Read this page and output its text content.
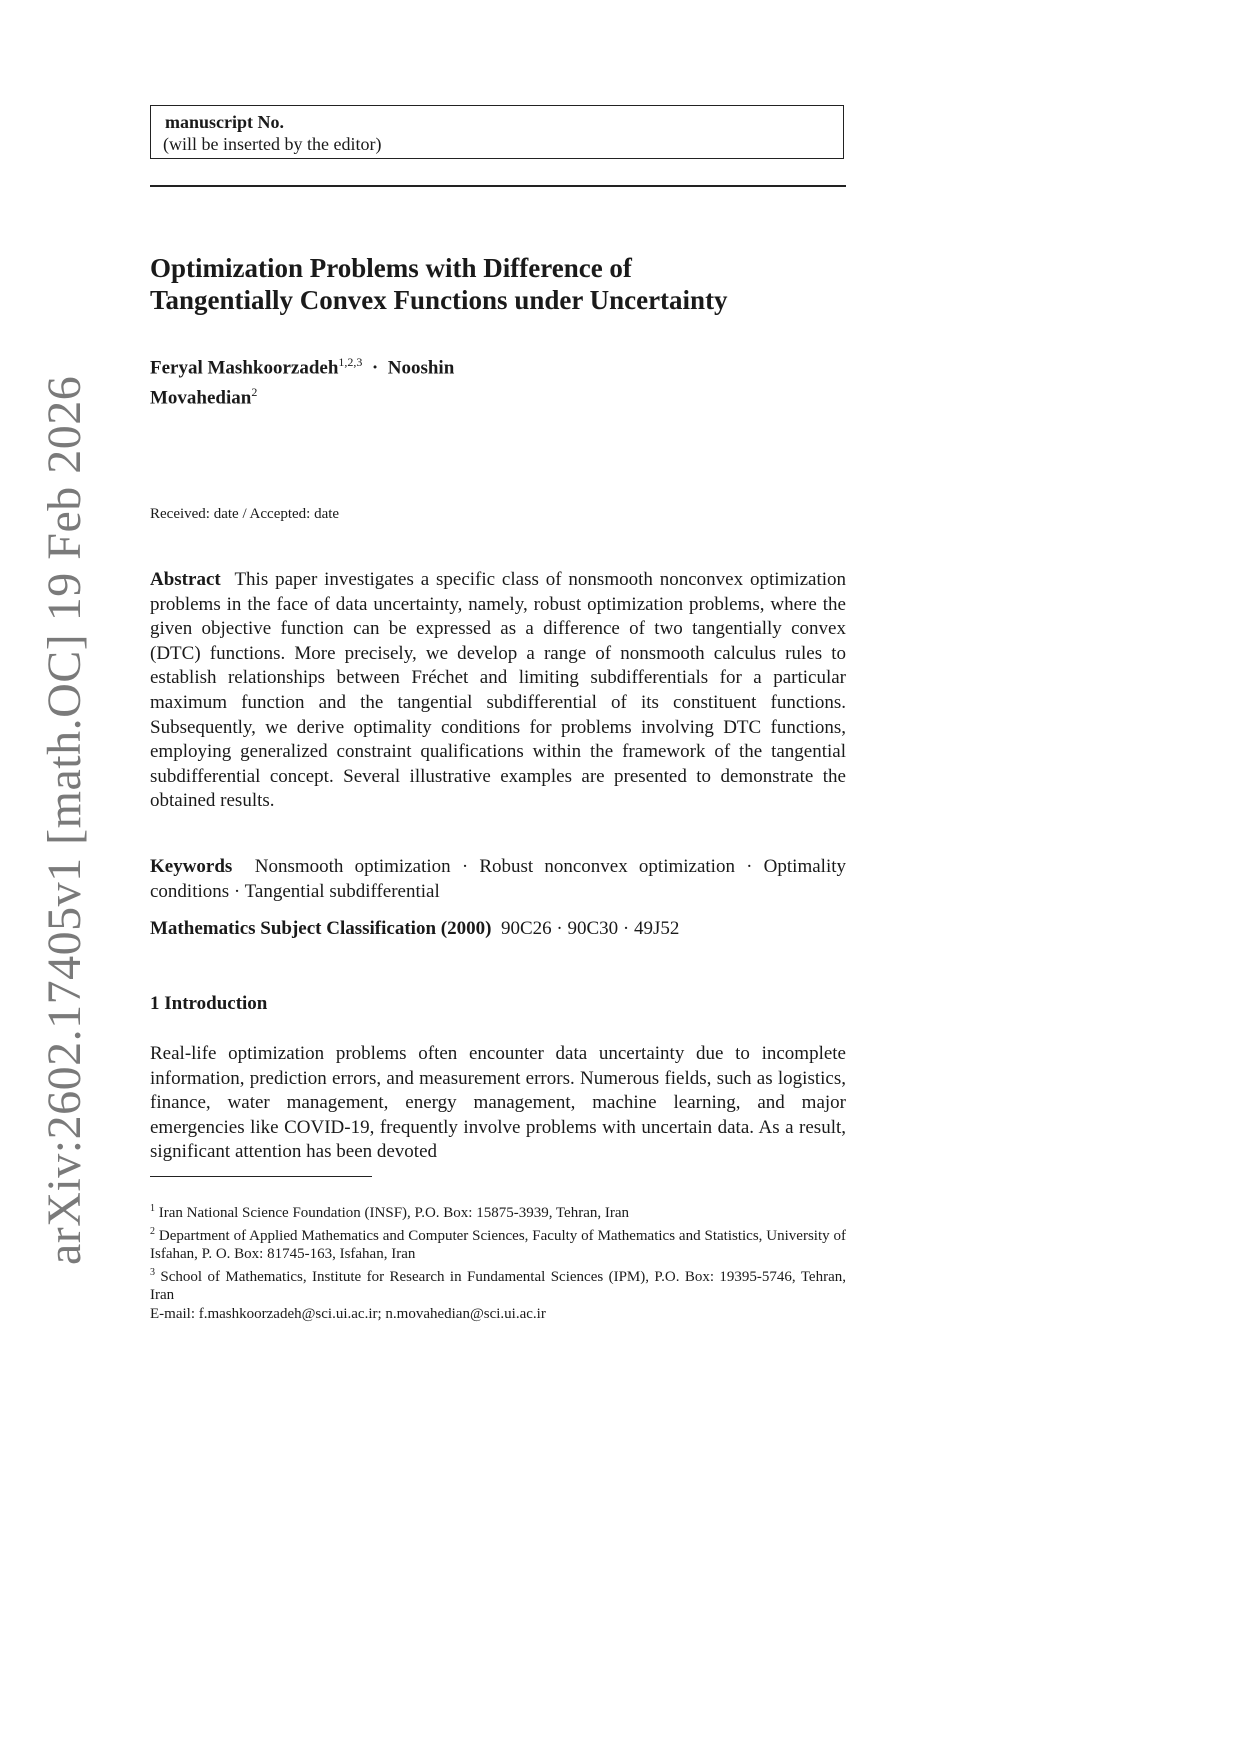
arXiv:2602.17405v1 [math.OC] 19 Feb 2026
manuscript No.
(will be inserted by the editor)
Optimization Problems with Difference of
Tangentially Convex Functions under Uncertainty
Feryal Mashkoorzadeh$^{1,2,3}$ · Nooshin
Movahedian$^2$
Received: date / Accepted: date

Abstract This paper investigates a specific class of nonsmooth nonconvex optimization problems in the face of data uncertainty, namely, robust optimization problems, where the given objective function can be expressed as a difference of two tangentially convex (DTC) functions. More precisely, we develop a range of nonsmooth calculus rules to establish relationships between Fréchet and limiting subdifferentials for a particular maximum function and the tangential subdifferential of its constituent functions. Subsequently, we derive optimality conditions for problems involving DTC functions, employing generalized constraint qualifications within the framework of the tangential subdifferential concept. Several illustrative examples are presented to demonstrate the obtained results.

Keywords Nonsmooth optimization · Robust nonconvex optimization · Optimality conditions · Tangential subdifferential

Mathematics Subject Classification (2000) 90C26 · 90C30 · 49J52

1 Introduction

Real-life optimization problems often encounter data uncertainty due to incomplete information, prediction errors, and measurement errors. Numerous fields, such as logistics, finance, water management, energy management, machine learning, and major emergencies like COVID-19, frequently involve problems with uncertain data. As a result, significant attention has been devoted

$^1$ Iran National Science Foundation (INSF), P.O. Box: 15875-3939, Tehran, Iran

$^2$ Department of Applied Mathematics and Computer Sciences, Faculty of Mathematics and Statistics, University of Isfahan, P. O. Box: 81745-163, Isfahan, Iran

$^3$ School of Mathematics, Institute for Research in Fundamental Sciences (IPM), P.O. Box: 19395-5746, Tehran, Iran

E-mail: f.mashkoorzadeh@sci.ui.ac.ir; n.movahedian@sci.ui.ac.ir
